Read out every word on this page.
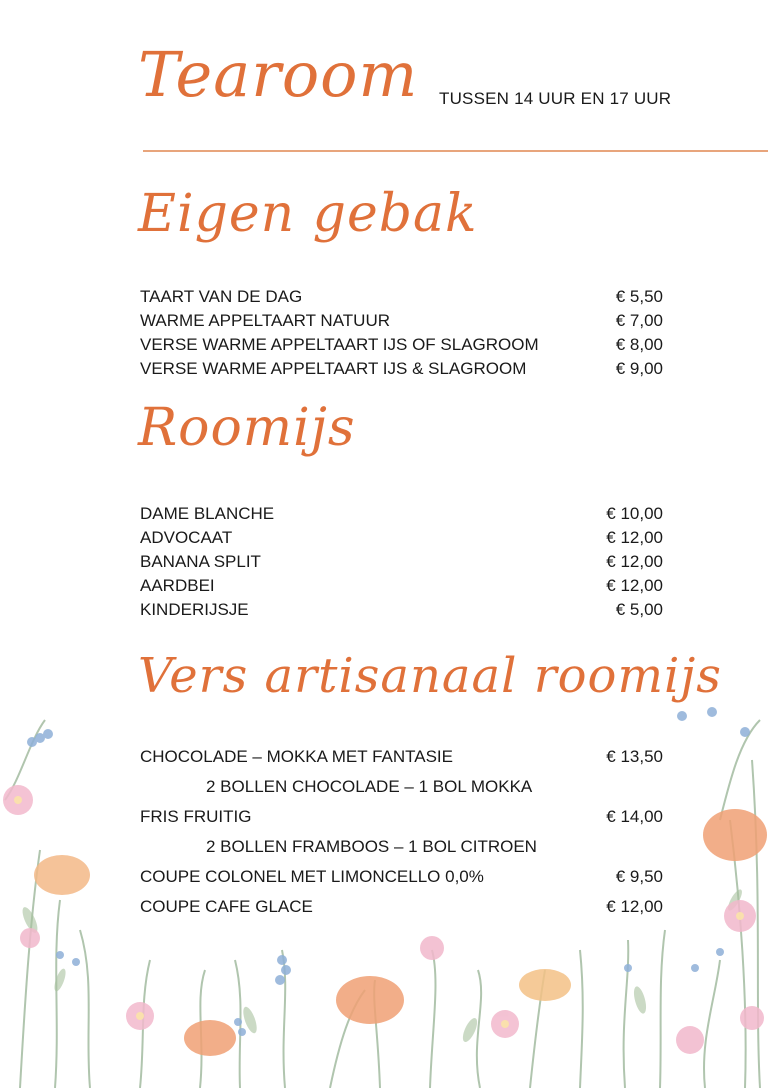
Tearoom TUSSEN 14 UUR EN 17 UUR
Eigen gebak
TAART VAN DE DAG	€ 5,50
WARME APPELTAART NATUUR	€ 7,00
VERSE WARME APPELTAART IJS OF SLAGROOM	€ 8,00
VERSE WARME APPELTAART IJS & SLAGROOM	€ 9,00
Roomijs
DAME BLANCHE	€ 10,00
ADVOCAAT	€ 12,00
BANANA SPLIT	€ 12,00
AARDBEI	€ 12,00
KINDERIJSJE	€ 5,00
Vers artisanaal roomijs
CHOCOLADE – MOKKA MET FANTASIE	€ 13,50
2 BOLLEN CHOCOLADE – 1 BOL MOKKA
FRIS FRUITIG	€ 14,00
2 BOLLEN FRAMBOOS – 1 BOL CITROEN
COUPE COLONEL MET LIMONCELLO 0,0%	€ 9,50
COUPE CAFE GLACE	€ 12,00
